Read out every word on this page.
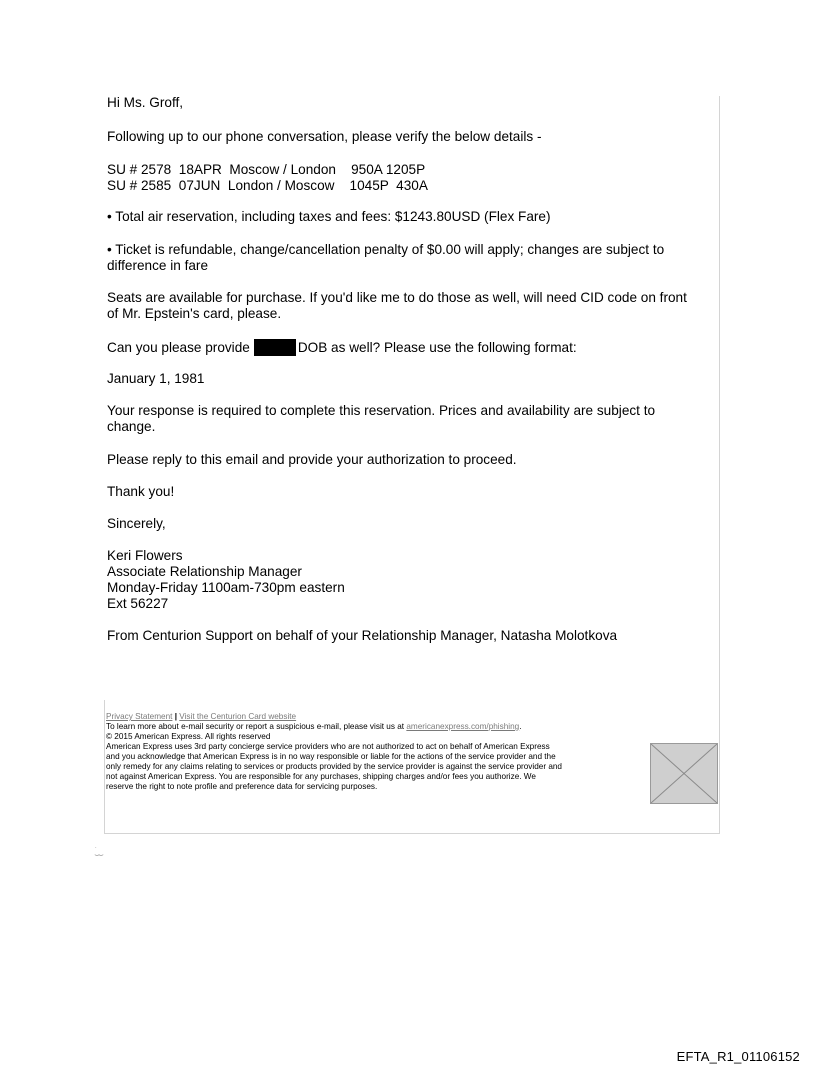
Hi Ms. Groff,

Following up to our phone conversation, please verify the below details -

SU # 2578  18APR  Moscow / London    950A 1205P

SU # 2585  07JUN  London / Moscow    1045P  430A

• Total air reservation, including taxes and fees: $1243.80USD (Flex Fare)

• Ticket is refundable, change/cancellation penalty of $0.00 will apply; changes are subject to

difference in fare

Seats are available for purchase. If you'd like me to do those as well, will need CID code on front

of Mr. Epstein's card, please.

Can you please provide	DOB as well? Please use the following format:

January 1, 1981

Your response is required to complete this reservation. Prices and availability are subject to

change.

Please reply to this email and provide your authorization to proceed.

Thank you!

Sincerely,

Keri Flowers

Associate Relationship Manager

Monday-Friday 1100am-730pm eastern

Ext 56227

From Centurion Support on behalf of your Relationship Manager, Natasha Molotkova

Privacy Statement | Visit the Centurion Card website

To learn more about e-mail security or report a suspicious e-mail, please visit us at americanexpress.com/phishing.

© 2015 American Express. All rights reserved

American Express uses 3rd party concierge service providers who are not authorized to act on behalf of American Express

and you acknowledge that American Express is in no way responsible or liable for the actions of the service provider and the

only remedy for any claims relating to services or products provided by the service provider is against the service provider and

not against American Express. You are responsible for any purchases, shipping charges and/or fees you authorize. We

reserve the right to note profile and preference data for servicing purposes.

·
‿‿
EFTA_R1_01106152
